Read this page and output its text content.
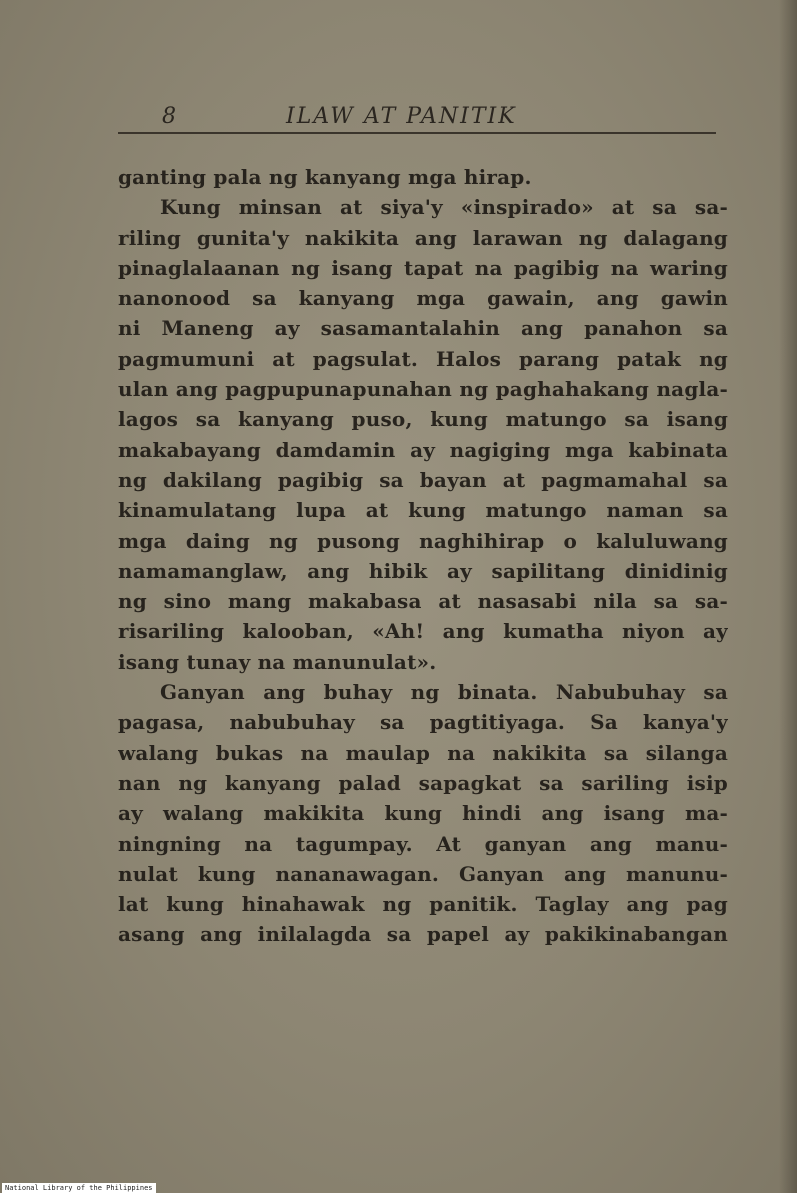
8	ILAW AT PANITIK
ganting pala ng kanyang mga hirap.
Kung minsan at siya'y «inspirado» at sa sa-
riling gunita'y nakikita ang larawan ng dalagang
pinaglalaanan ng isang tapat na pagibig na waring
nanonood sa kanyang mga gawain, ang gawin
ni Maneng ay sasamantalahin ang panahon sa
pagmumuni at pagsulat. Halos parang patak ng
ulan ang pagpupunapunahan ng paghahakang nagla-
lagos sa kanyang puso, kung matungo sa isang
makabayang damdamin ay nagiging mga kabinata
ng dakilang pagibig sa bayan at pagmamahal sa
kinamulatang lupa at kung matungo naman sa
mga daing ng pusong naghihirap o kaluluwang
namamanglaw, ang hibik ay sapilitang dinidinig
ng sino mang makabasa at nasasabi nila sa sa-
risariling kalooban, «Ah! ang kumatha niyon ay
isang tunay na manunulat».
Ganyan ang buhay ng binata. Nabubuhay sa
pagasa, nabubuhay sa pagtitiyaga. Sa kanya'y
walang bukas na maulap na nakikita sa silanga
nan ng kanyang palad sapagkat sa sariling isip
ay walang makikita kung hindi ang isang ma-
ningning na tagumpay. At ganyan ang manu-
nulat kung nananawagan. Ganyan ang manunu-
lat kung hinahawak ng panitik. Taglay ang pag
asang ang inilalagda sa papel ay pakikinabangan
National Library of the Philippines
